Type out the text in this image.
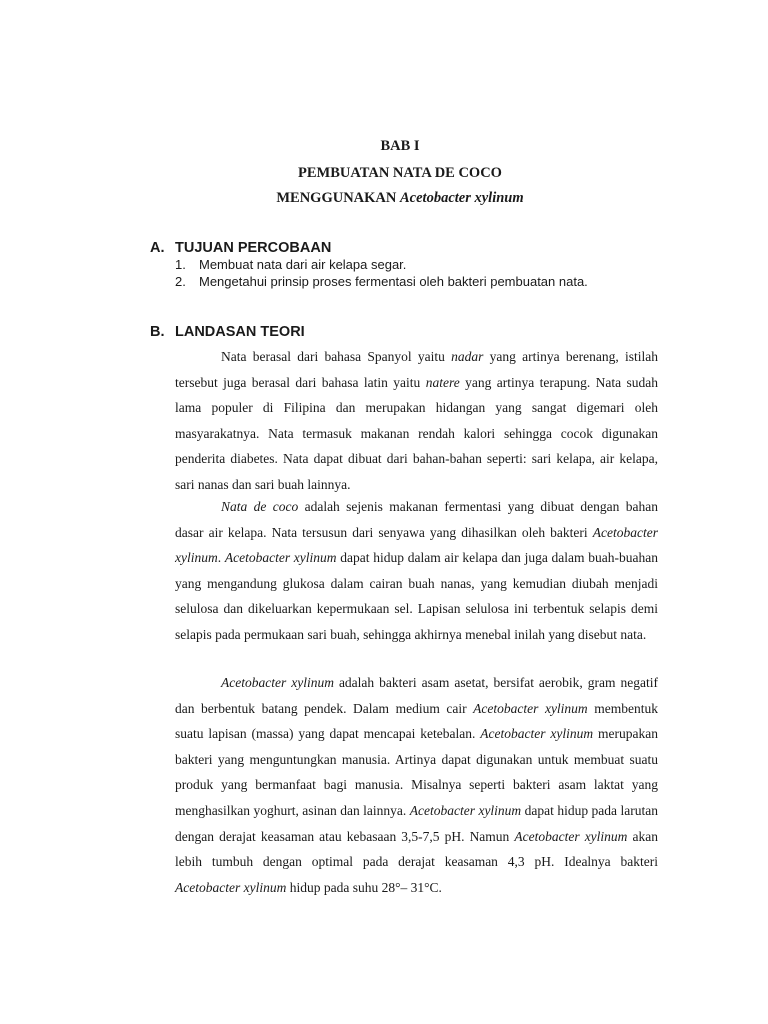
BAB I
PEMBUATAN NATA DE COCO
MENGGUNAKAN Acetobacter xylinum
A. TUJUAN PERCOBAAN
1. Membuat nata dari air kelapa segar.
2. Mengetahui prinsip proses fermentasi oleh bakteri pembuatan nata.
B. LANDASAN TEORI

Nata berasal dari bahasa Spanyol yaitu nadar yang artinya berenang, istilah tersebut juga berasal dari bahasa latin yaitu natere yang artinya terapung. Nata sudah lama populer di Filipina dan merupakan hidangan yang sangat digemari oleh masyarakatnya. Nata termasuk makanan rendah kalori sehingga cocok digunakan penderita diabetes. Nata dapat dibuat dari bahan-bahan seperti: sari kelapa, air kelapa, sari nanas dan sari buah lainnya.

Nata de coco adalah sejenis makanan fermentasi yang dibuat dengan bahan dasar air kelapa. Nata tersusun dari senyawa yang dihasilkan oleh bakteri Acetobacter xylinum. Acetobacter xylinum dapat hidup dalam air kelapa dan juga dalam buah-buahan yang mengandung glukosa dalam cairan buah nanas, yang kemudian diubah menjadi selulosa dan dikeluarkan kepermukaan sel. Lapisan selulosa ini terbentuk selapis demi selapis pada permukaan sari buah, sehingga akhirnya menebal inilah yang disebut nata.

Acetobacter xylinum adalah bakteri asam asetat, bersifat aerobik, gram negatif dan berbentuk batang pendek. Dalam medium cair Acetobacter xylinum membentuk suatu lapisan (massa) yang dapat mencapai ketebalan. Acetobacter xylinum merupakan bakteri yang menguntungkan manusia. Artinya dapat digunakan untuk membuat suatu produk yang bermanfaat bagi manusia. Misalnya seperti bakteri asam laktat yang menghasilkan yoghurt, asinan dan lainnya. Acetobacter xylinum dapat hidup pada larutan dengan derajat keasaman atau kebasaan 3,5-7,5 pH. Namun Acetobacter xylinum akan lebih tumbuh dengan optimal pada derajat keasaman 4,3 pH. Idealnya bakteri Acetobacter xylinum hidup pada suhu 28°– 31°C.
